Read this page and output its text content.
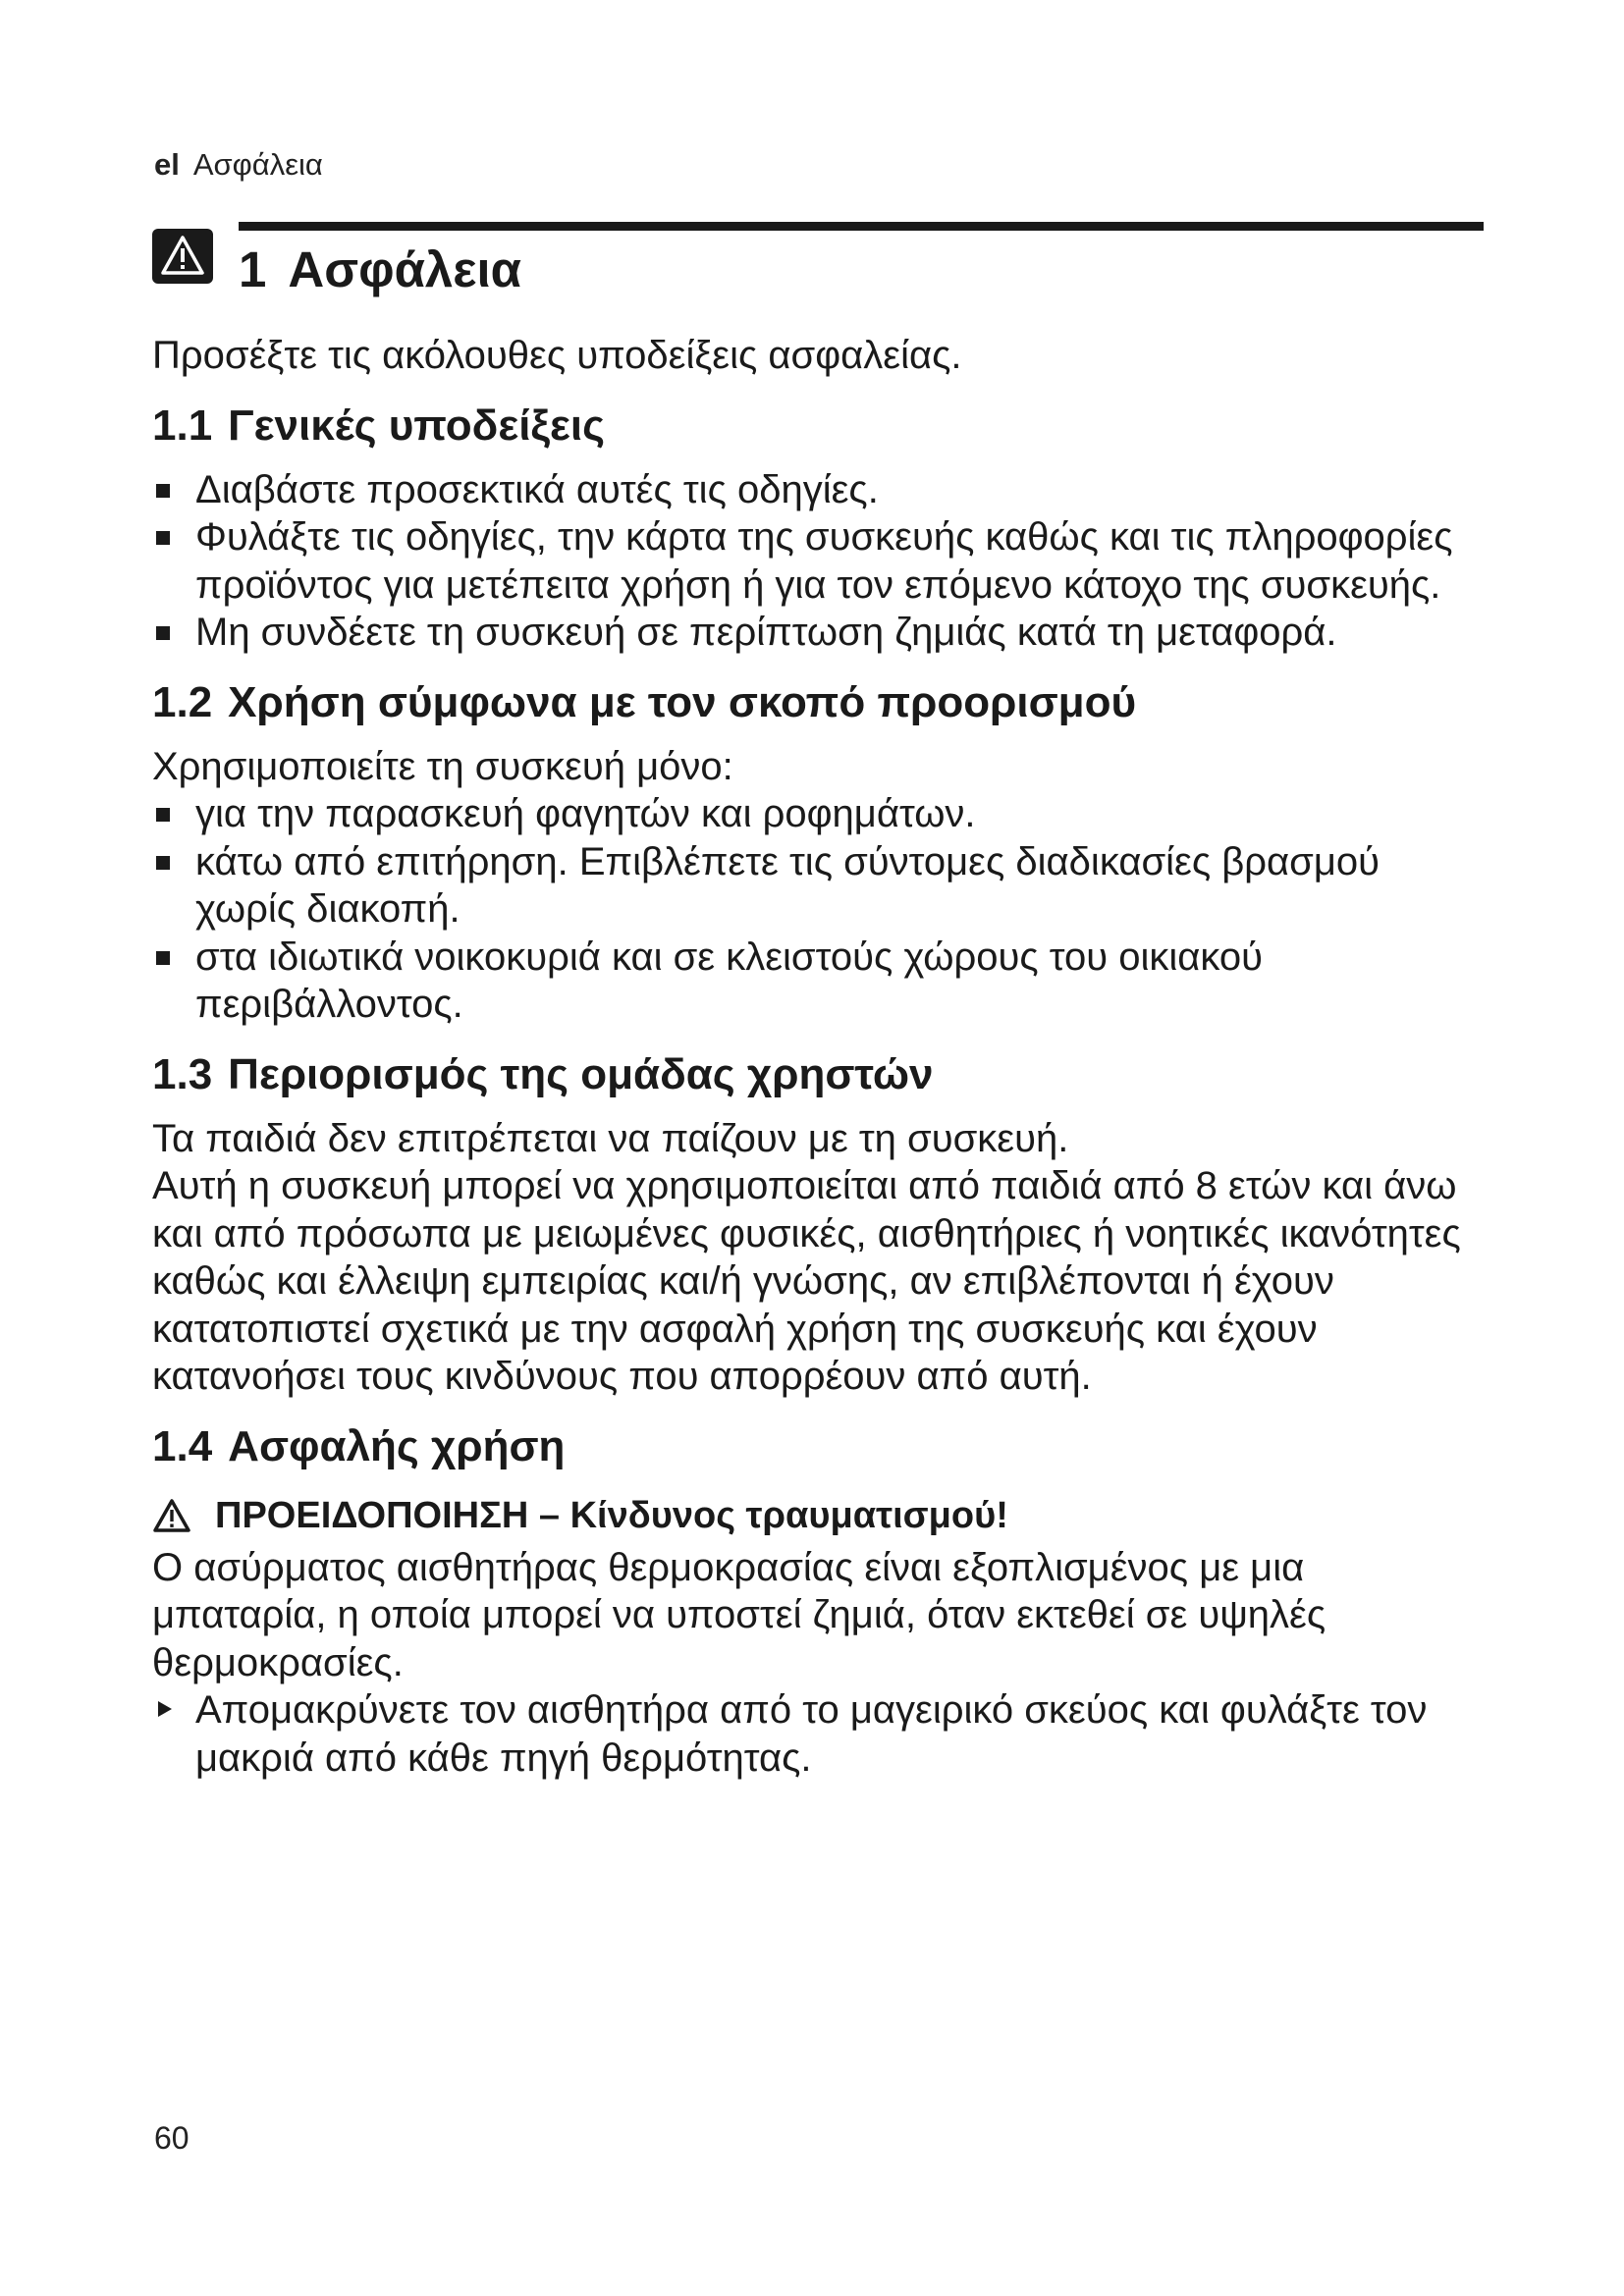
el Ασφάλεια
1 Ασφάλεια

Προσέξτε τις ακόλουθες υποδείξεις ασφαλείας.

1.1 Γενικές υποδείξεις
Διαβάστε προσεκτικά αυτές τις οδηγίες.
Φυλάξτε τις οδηγίες, την κάρτα της συσκευής καθώς και τις πληροφορίες προϊόντος για μετέπειτα χρήση ή για τον επόμενο κάτοχο της συσκευής.
Μη συνδέετε τη συσκευή σε περίπτωση ζημιάς κατά τη μεταφορά.
1.2 Χρήση σύμφωνα με τον σκοπό προορισμού

Χρησιμοποιείτε τη συσκευή μόνο:

για την παρασκευή φαγητών και ροφημάτων.
κάτω από επιτήρηση. Επιβλέπετε τις σύντομες διαδικασίες βρασμού χωρίς διακοπή.
στα ιδιωτικά νοικοκυριά και σε κλειστούς χώρους του οικιακού περιβάλλοντος.
1.3 Περιορισμός της ομάδας χρηστών

Τα παιδιά δεν επιτρέπεται να παίζουν με τη συσκευή.

Αυτή η συσκευή μπορεί να χρησιμοποιείται από παιδιά από 8 ετών και άνω και από πρόσωπα με μειωμένες φυσικές, αισθητήριες ή νοητικές ικανότητες καθώς και έλλειψη εμπειρίας και/ή γνώσης, αν επιβλέπονται ή έχουν κατατοπιστεί σχετικά με την ασφαλή χρήση της συσκευής και έχουν κατανοήσει τους κινδύνους που απορρέουν από αυτή.

1.4 Ασφαλής χρήση
ΠΡΟΕΙΔΟΠΟΙΗΣΗ – Κίνδυνος τραυματισμού!

Ο ασύρματος αισθητήρας θερμοκρασίας είναι εξοπλισμένος με μια μπαταρία, η οποία μπορεί να υποστεί ζημιά, όταν εκτεθεί σε υψηλές θερμοκρασίες.

Απομακρύνετε τον αισθητήρα από το μαγειρικό σκεύος και φυλάξτε τον μακριά από κάθε πηγή θερμότητας.
60
